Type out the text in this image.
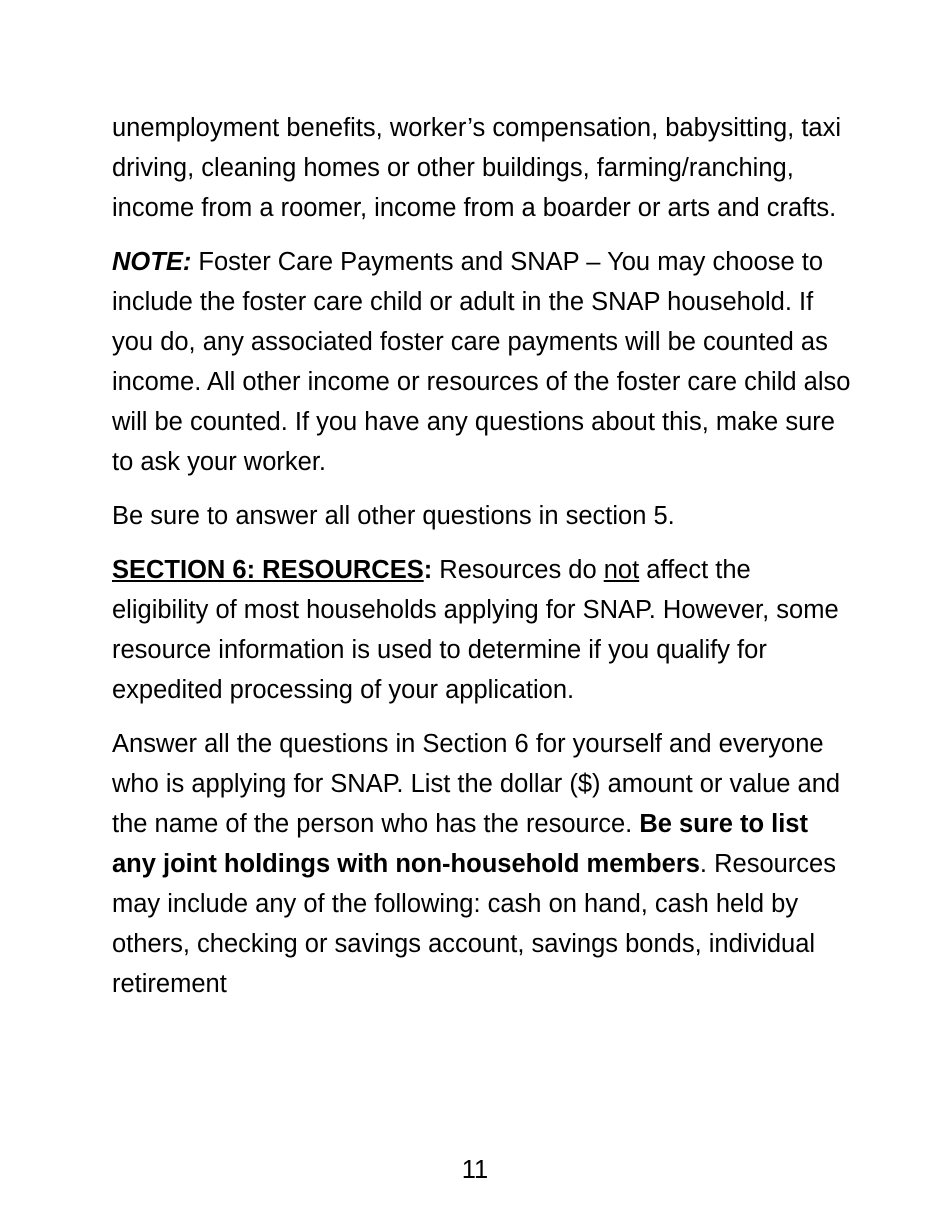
unemployment benefits, worker’s compensation, babysitting, taxi driving, cleaning homes or other buildings, farming/ranching, income from a roomer, income from a boarder or arts and crafts.

NOTE: Foster Care Payments and SNAP – You may choose to include the foster care child or adult in the SNAP household. If you do, any associated foster care payments will be counted as income. All other income or resources of the foster care child also will be counted. If you have any questions about this, make sure to ask your worker.

Be sure to answer all other questions in section 5.

SECTION 6: RESOURCES: Resources do not affect the eligibility of most households applying for SNAP. However, some resource information is used to determine if you qualify for expedited processing of your application.

Answer all the questions in Section 6 for yourself and everyone who is applying for SNAP. List the dollar ($) amount or value and the name of the person who has the resource. Be sure to list any joint holdings with non-household members. Resources may include any of the following: cash on hand, cash held by others, checking or savings account, savings bonds, individual retirement

11
